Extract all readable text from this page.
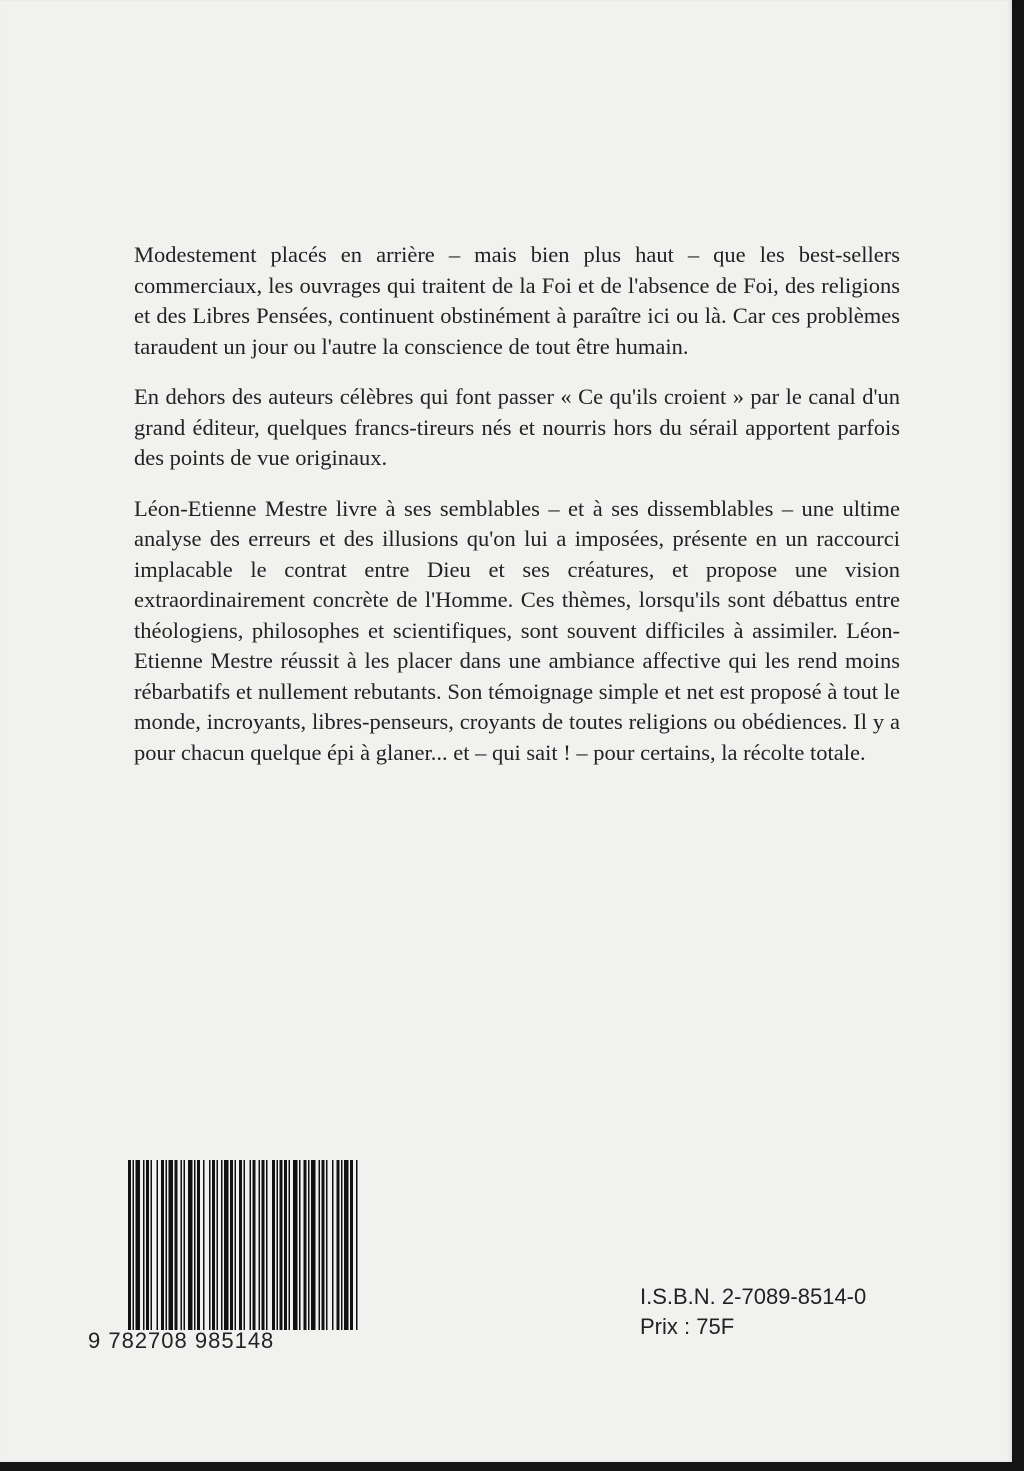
Modestement placés en arrière – mais bien plus haut – que les best-sellers commerciaux, les ouvrages qui traitent de la Foi et de l'absence de Foi, des religions et des Libres Pensées, continuent obstinément à paraître ici ou là. Car ces problèmes taraudent un jour ou l'autre la conscience de tout être humain.

En dehors des auteurs célèbres qui font passer « Ce qu'ils croient » par le canal d'un grand éditeur, quelques francs-tireurs nés et nourris hors du sérail apportent parfois des points de vue originaux.

Léon-Etienne Mestre livre à ses semblables – et à ses dissemblables – une ultime analyse des erreurs et des illusions qu'on lui a imposées, présente en un raccourci implacable le contrat entre Dieu et ses créatures, et propose une vision extraordinairement concrète de l'Homme. Ces thèmes, lorsqu'ils sont débattus entre théologiens, philosophes et scientifiques, sont souvent difficiles à assimiler. Léon-Etienne Mestre réussit à les placer dans une ambiance affective qui les rend moins rébarbatifs et nullement rebutants. Son témoignage simple et net est proposé à tout le monde, incroyants, libres-penseurs, croyants de toutes religions ou obédiences. Il y a pour chacun quelque épi à glaner... et – qui sait ! – pour certains, la récolte totale.

9 782708 985148
I.S.B.N. 2-7089-8514-0
Prix : 75F
